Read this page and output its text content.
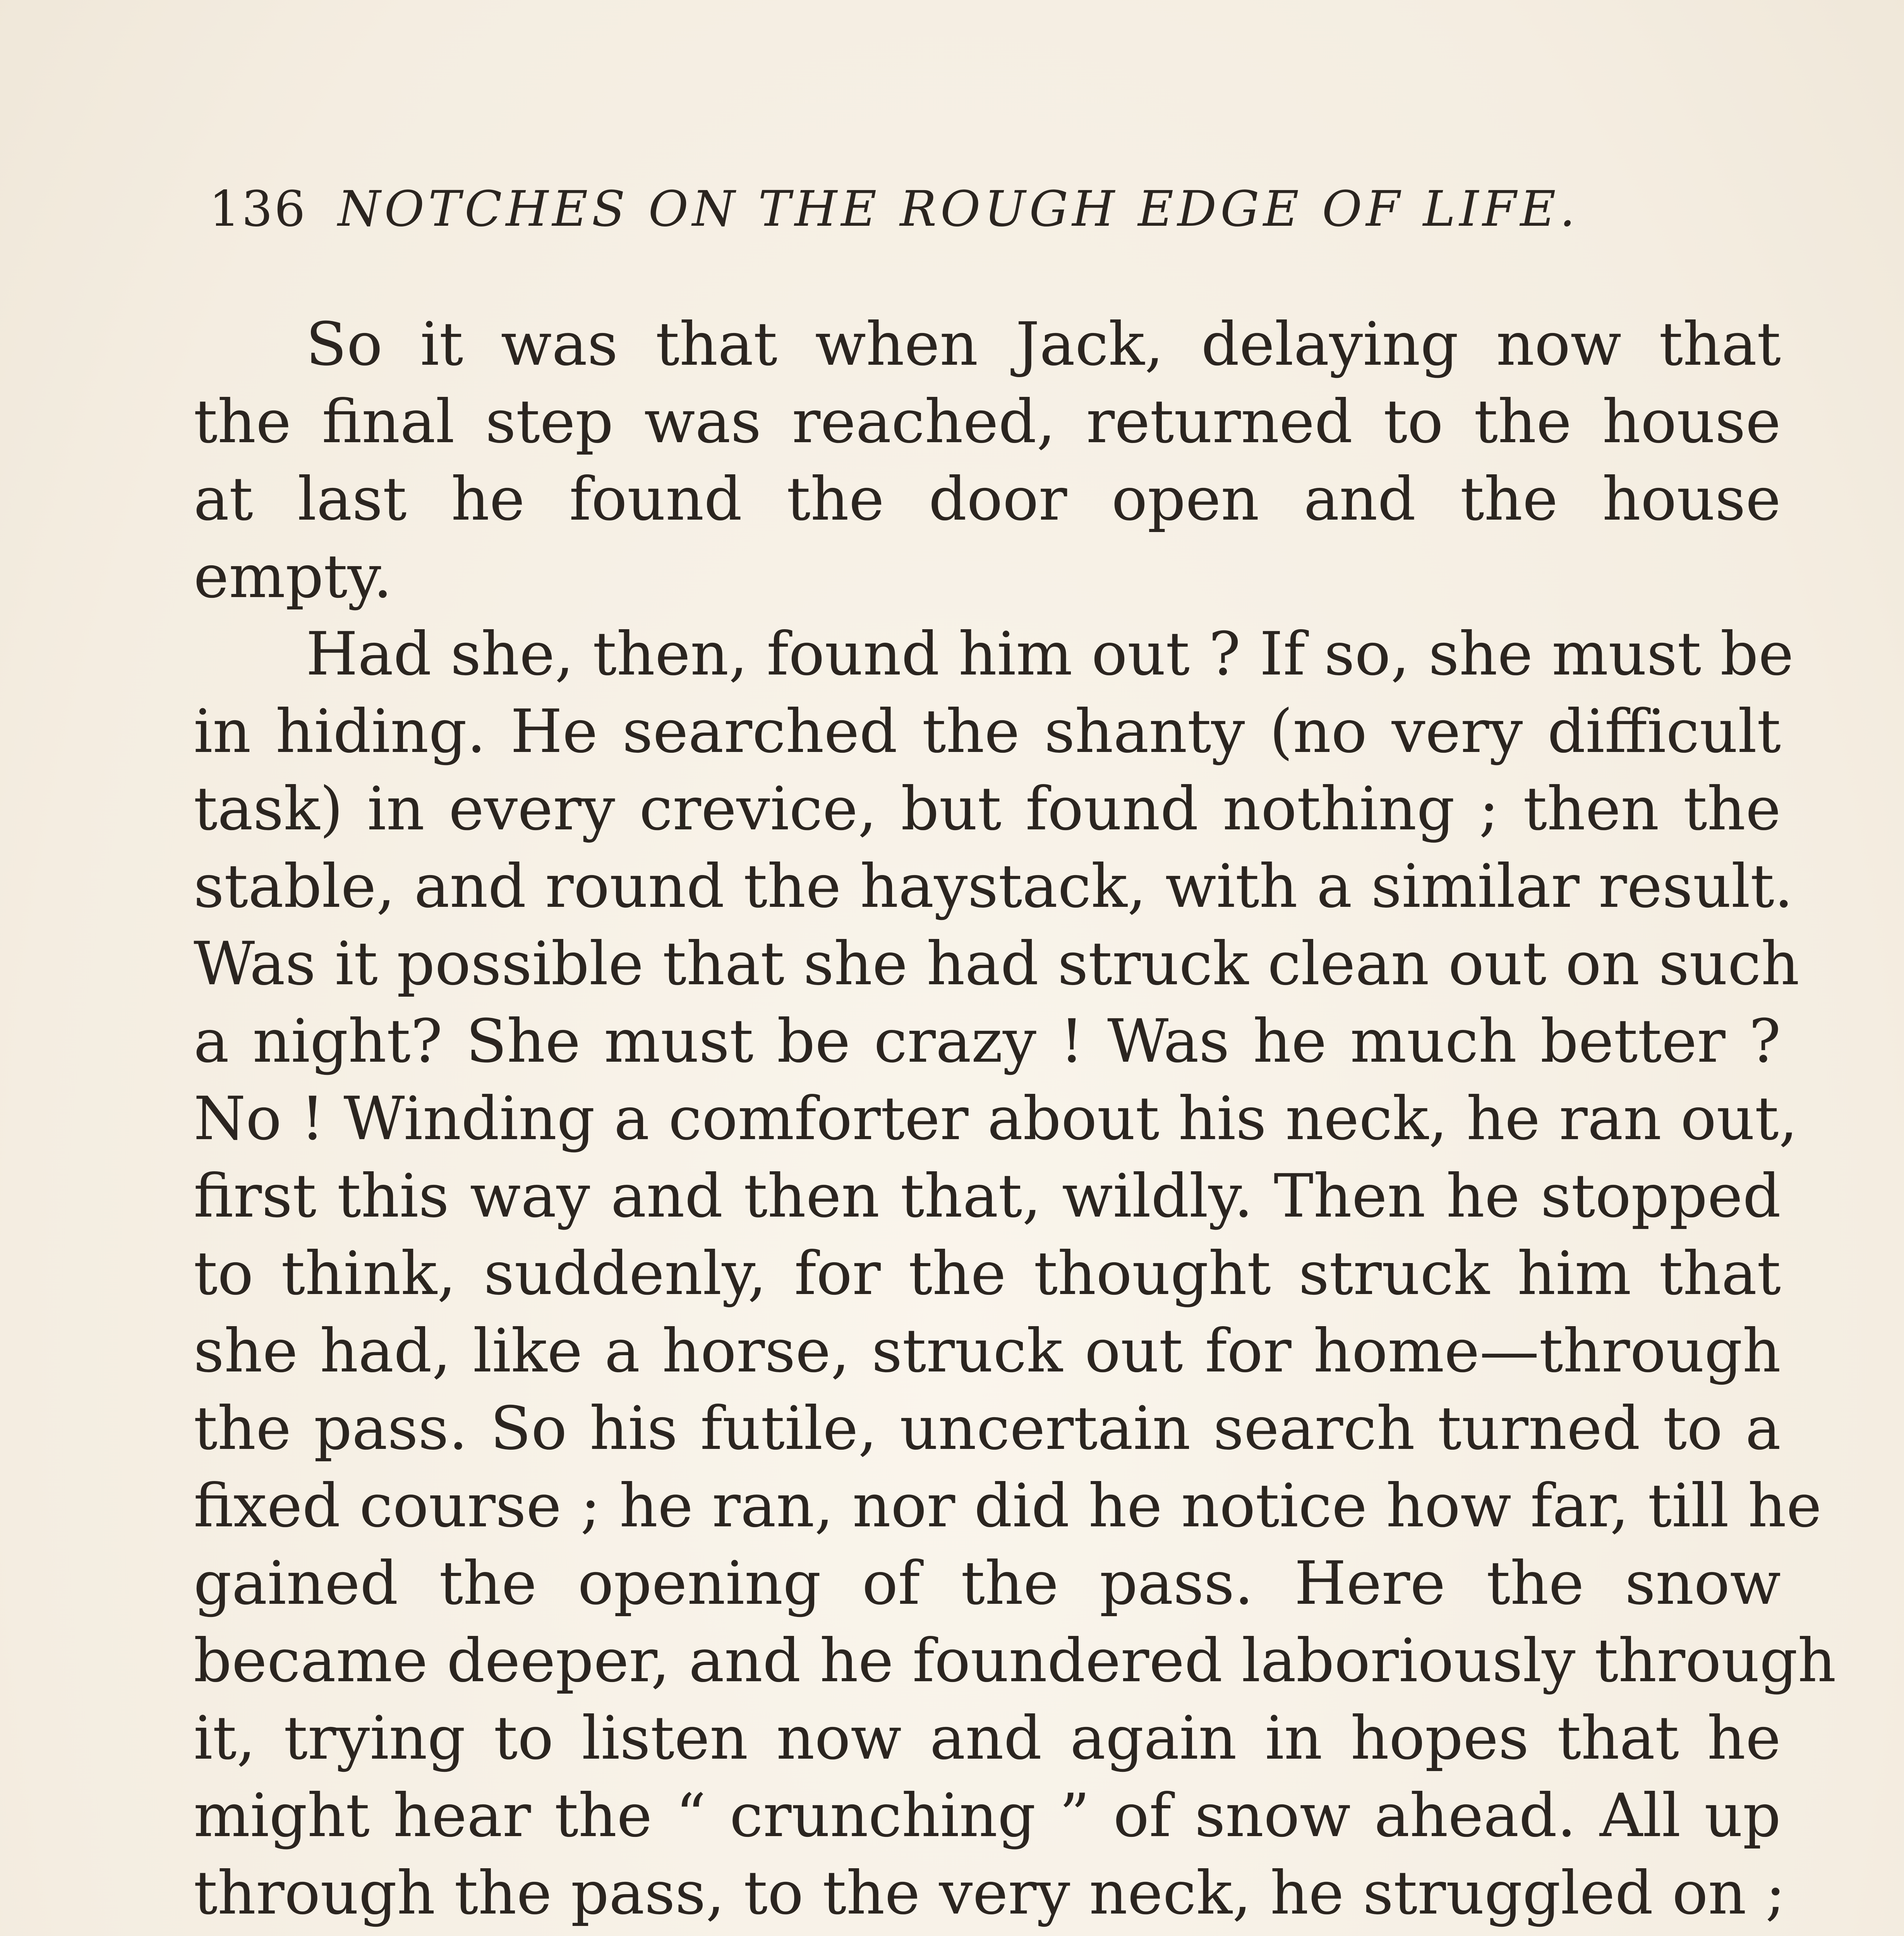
136 NOTCHES ON THE ROUGH EDGE OF LIFE.
So it was that when Jack, delaying now that
the final step was reached, returned to the house
at last he found the door open and the house
empty.
Had she, then, found him out ? If so, she must be
in hiding. He searched the shanty (no very difficult
task) in every crevice, but found nothing ; then the
stable, and round the haystack, with a similar result.
Was it possible that she had struck clean out on such
a night? She must be crazy ! Was he much better ?
No ! Winding a comforter about his neck, he ran out,
first this way and then that, wildly. Then he stopped
to think, suddenly, for the thought struck him that
she had, like a horse, struck out for home—through
the pass. So his futile, uncertain search turned to a
fixed course ; he ran, nor did he notice how far, till he
gained the opening of the pass. Here the snow
became deeper, and he foundered laboriously through
it, trying to listen now and again in hopes that he
might hear the “ crunching ” of snow ahead. All up
through the pass, to the very neck, he struggled on ;
